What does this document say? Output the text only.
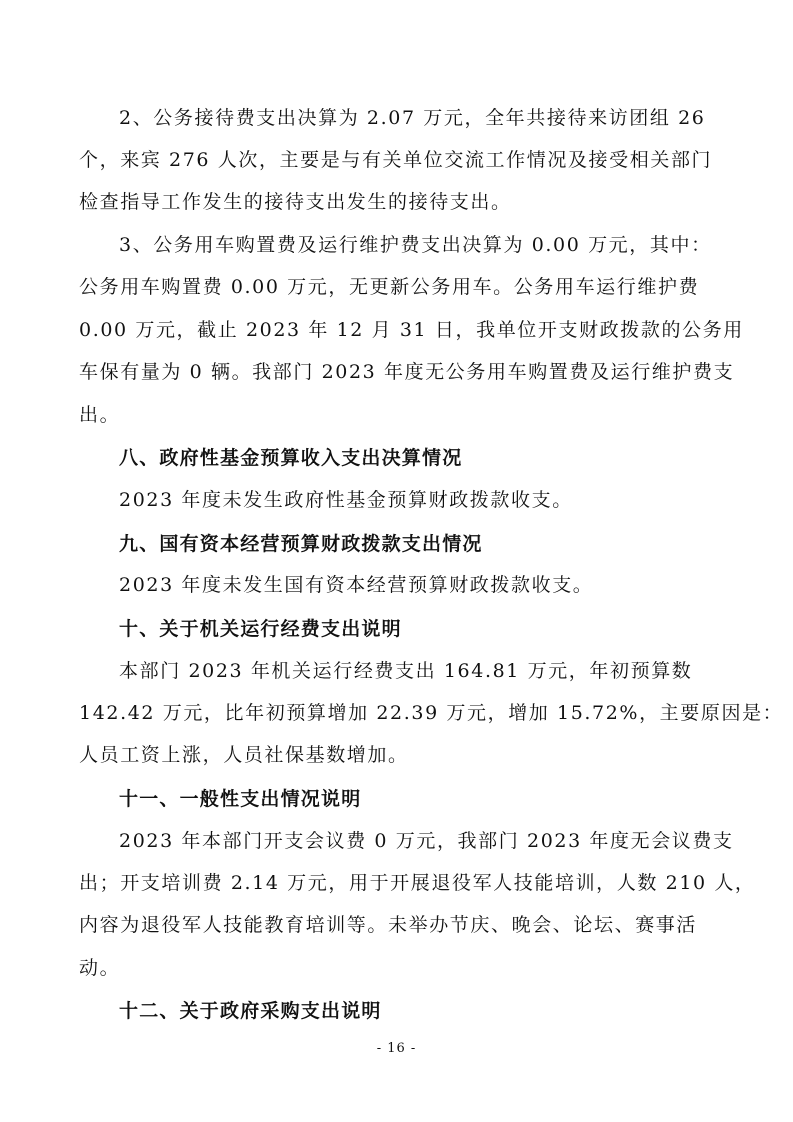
2、公务接待费支出决算为 2.07 万元，全年共接待来访团组 26
个，来宾 276 人次，主要是与有关单位交流工作情况及接受相关部门
检查指导工作发生的接待支出发生的接待支出。
3、公务用车购置费及运行维护费支出决算为 0.00 万元，其中：
公务用车购置费 0.00 万元，无更新公务用车。公务用车运行维护费
0.00 万元，截止 2023 年 12 月 31 日，我单位开支财政拨款的公务用
车保有量为 0 辆。我部门 2023 年度无公务用车购置费及运行维护费支
出。
八、政府性基金预算收入支出决算情况
2023 年度未发生政府性基金预算财政拨款收支。
九、国有资本经营预算财政拨款支出情况
2023 年度未发生国有资本经营预算财政拨款收支。
十、关于机关运行经费支出说明
本部门 2023 年机关运行经费支出 164.81 万元，年初预算数
142.42 万元，比年初预算增加 22.39 万元，增加 15.72%，主要原因是：
人员工资上涨，人员社保基数增加。
十一、一般性支出情况说明
2023 年本部门开支会议费 0 万元，我部门 2023 年度无会议费支
出；开支培训费 2.14 万元，用于开展退役军人技能培训，人数 210 人，
内容为退役军人技能教育培训等。未举办节庆、晚会、论坛、赛事活
动。
十二、关于政府采购支出说明
- 16 -
